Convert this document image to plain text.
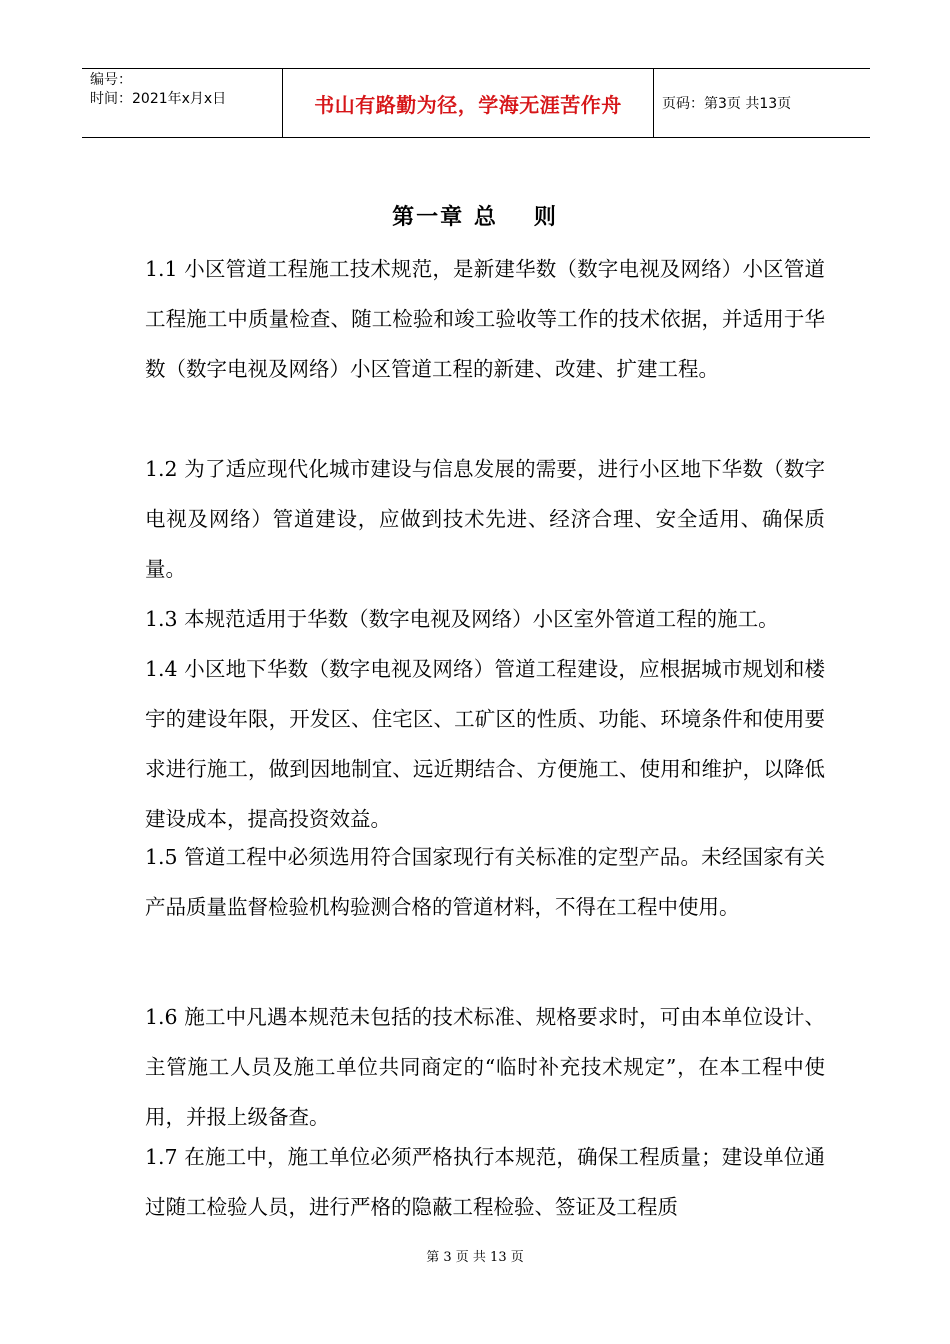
编号：
时间：2021年x月x日	书山有路勤为径，学海无涯苦作舟	页码：第3页 共13页
第一章 总 则
1.1 小区管道工程施工技术规范，是新建华数（数字电视及网络）小区管道工程施工中质量检查、随工检验和竣工验收等工作的技术依据，并适用于华数（数字电视及网络）小区管道工程的新建、改建、扩建工程。
1.2 为了适应现代化城市建设与信息发展的需要，进行小区地下华数（数字电视及网络）管道建设，应做到技术先进、经济合理、安全适用、确保质量。
1.3 本规范适用于华数（数字电视及网络）小区室外管道工程的施工。
1.4 小区地下华数（数字电视及网络）管道工程建设，应根据城市规划和楼宇的建设年限，开发区、住宅区、工矿区的性质、功能、环境条件和使用要求进行施工，做到因地制宜、远近期结合、方便施工、使用和维护，以降低建设成本，提高投资效益。
1.5 管道工程中必须选用符合国家现行有关标准的定型产品。未经国家有关产品质量监督检验机构验测合格的管道材料，不得在工程中使用。
1.6 施工中凡遇本规范未包括的技术标准、规格要求时，可由本单位设计、主管施工人员及施工单位共同商定的“临时补充技术规定”，在本工程中使用，并报上级备查。
1.7 在施工中，施工单位必须严格执行本规范，确保工程质量；建设单位通过随工检验人员，进行严格的隐蔽工程检验、签证及工程质
第 3 页 共 13 页
